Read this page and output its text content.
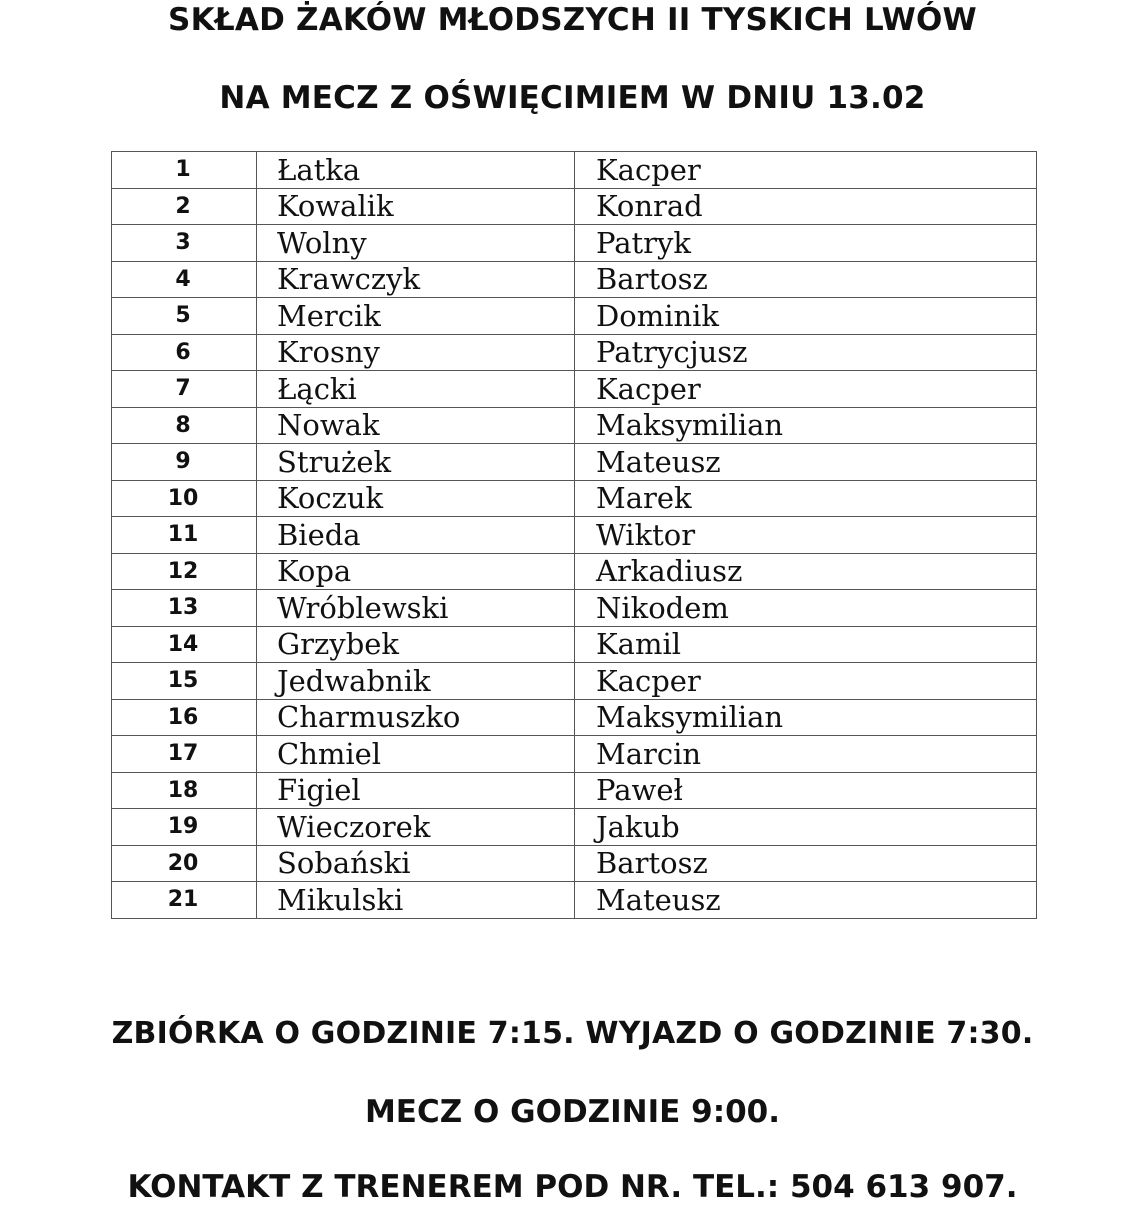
SKŁAD ŻAKÓW MŁODSZYCH II TYSKICH LWÓW
NA MECZ Z OŚWIĘCIMIEM W DNIU 13.02
1	Łatka	Kacper
2	Kowalik	Konrad
3	Wolny	Patryk
4	Krawczyk	Bartosz
5	Mercik	Dominik
6	Krosny	Patrycjusz
7	Łącki	Kacper
8	Nowak	Maksymilian
9	Strużek	Mateusz
10	Koczuk	Marek
11	Bieda	Wiktor
12	Kopa	Arkadiusz
13	Wróblewski	Nikodem
14	Grzybek	Kamil
15	Jedwabnik	Kacper
16	Charmuszko	Maksymilian
17	Chmiel	Marcin
18	Figiel	Paweł
19	Wieczorek	Jakub
20	Sobański	Bartosz
21	Mikulski	Mateusz
ZBIÓRKA O GODZINIE 7:15. WYJAZD O GODZINIE 7:30.
MECZ O GODZINIE 9:00.
KONTAKT Z TRENEREM POD NR. TEL.: 504 613 907.
